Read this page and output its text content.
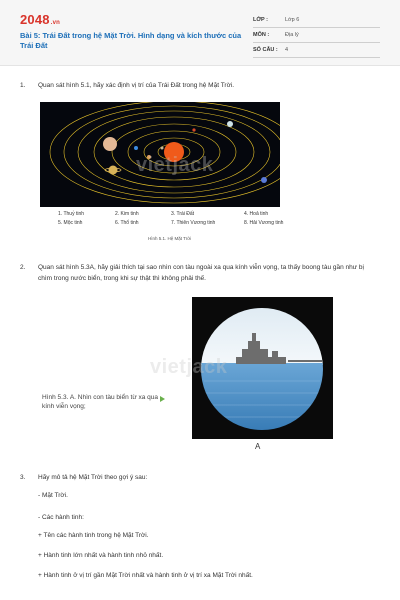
2048.vn
Bài 5: Trái Đất trong hệ Mặt Trời. Hình dạng và kích thước của Trái Đất
LỚP :	Lớp 6
MÔN :	Địa lý
SỐ CÂU : 4
1. Quan sát hình 5.1, hãy xác định vị trí của Trái Đất trong hệ Mặt Trời.
vietjack
1. Thuỷ tinh	2. Kim tinh	3. Trái Đất	4. Hoả tinh
5. Mộc tinh	6. Thổ tinh	7. Thiên Vương tinh	8. Hải Vương tinh
Hình 5.1. Hệ Mặt Trời
2. Quan sát hình 5.3A, hãy giải thích tại sao nhìn con tàu ngoài xa qua kính viễn vọng, ta thấy boong tàu gần như bị chìm trong nước biển, trong khi sự thật thì không phải thế.
vietjack
Hình 5.3. A. Nhìn con tàu biển từ xa qua kính viễn vọng;
A
3. Hãy mô tả hệ Mặt Trời theo gợi ý sau:
- Mặt Trời.
- Các hành tinh:
+ Tên các hành tinh trong hệ Mặt Trời.
+ Hành tinh lớn nhất và hành tinh nhỏ nhất.
+ Hành tinh ở vị trí gần Mặt Trời nhất và hành tinh ở vị trí xa Mặt Trời nhất.
